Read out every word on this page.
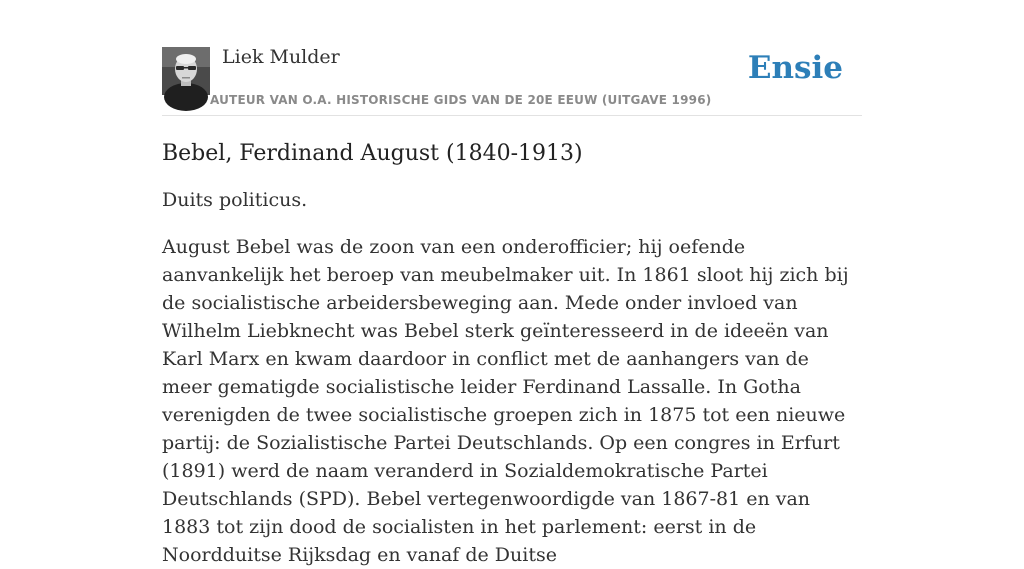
Liek Mulder
AUTEUR VAN O.A. HISTORISCHE GIDS VAN DE 20E EEUW (UITGAVE 1996)
Ensie
Bebel, Ferdinand August (1840-1913)

Duits politicus.

August Bebel was de zoon van een onderofficier; hij oefende aanvankelijk het beroep van meubelmaker uit. In 1861 sloot hij zich bij de socialistische arbeidersbeweging aan. Mede onder invloed van Wilhelm Liebknecht was Bebel sterk geïnteresseerd in de ideeën van Karl Marx en kwam daardoor in conflict met de aanhangers van de meer gematigde socialistische leider Ferdinand Lassalle. In Gotha verenigden de twee socialistische groepen zich in 1875 tot een nieuwe partij: de Sozialistische Partei Deutschlands. Op een congres in Erfurt (1891) werd de naam veranderd in Sozialdemokratische Partei Deutschlands (SPD). Bebel vertegenwoordigde van 1867-81 en van 1883 tot zijn dood de socialisten in het parlement: eerst in de Noordduitse Rijksdag en vanaf de Duitse
